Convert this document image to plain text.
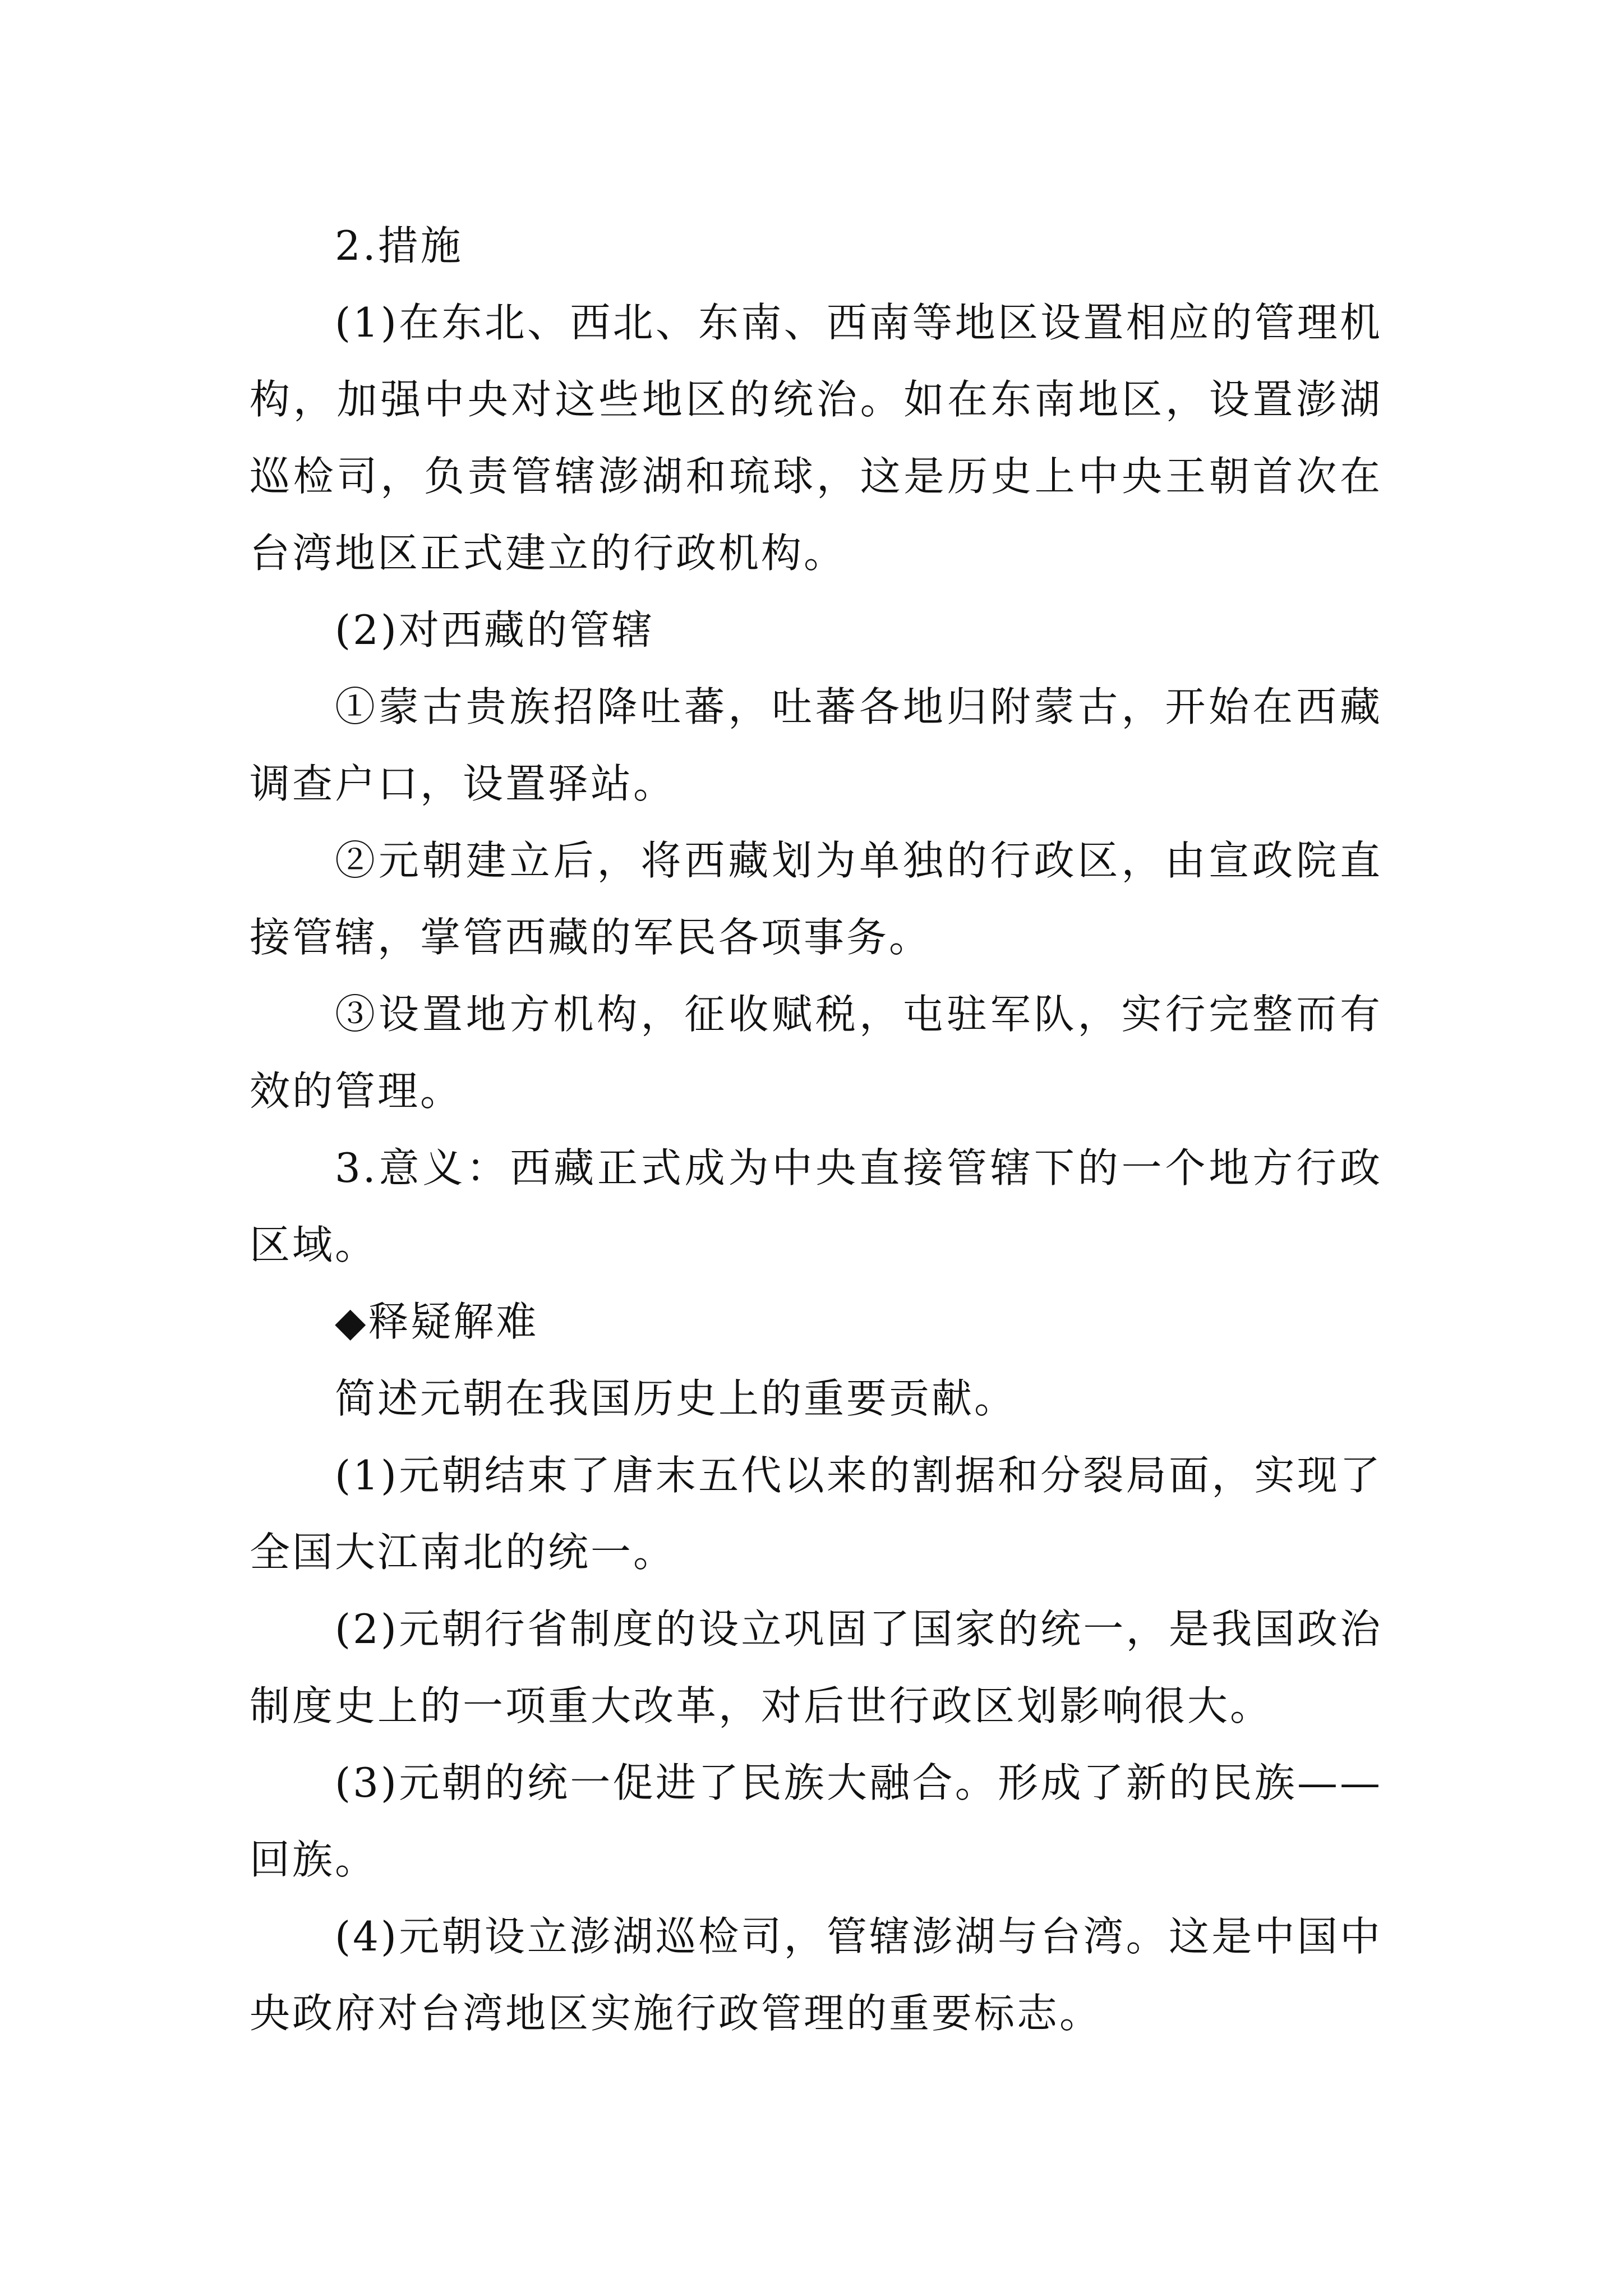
2.措施

(1)在东北、西北、东南、西南等地区设置相应的管理机构，加强中央对这些地区的统治。如在东南地区，设置澎湖巡检司，负责管辖澎湖和琉球，这是历史上中央王朝首次在台湾地区正式建立的行政机构。

(2)对西藏的管辖

①蒙古贵族招降吐蕃，吐蕃各地归附蒙古，开始在西藏调查户口，设置驿站。

②元朝建立后，将西藏划为单独的行政区，由宣政院直接管辖，掌管西藏的军民各项事务。

③设置地方机构，征收赋税，屯驻军队，实行完整而有效的管理。

3.意义：西藏正式成为中央直接管辖下的一个地方行政区域。

◆释疑解难

简述元朝在我国历史上的重要贡献。

(1)元朝结束了唐末五代以来的割据和分裂局面，实现了全国大江南北的统一。

(2)元朝行省制度的设立巩固了国家的统一，是我国政治制度史上的一项重大改革，对后世行政区划影响很大。

(3)元朝的统一促进了民族大融合。形成了新的民族——回族。

(4)元朝设立澎湖巡检司，管辖澎湖与台湾。这是中国中央政府对台湾地区实施行政管理的重要标志。
